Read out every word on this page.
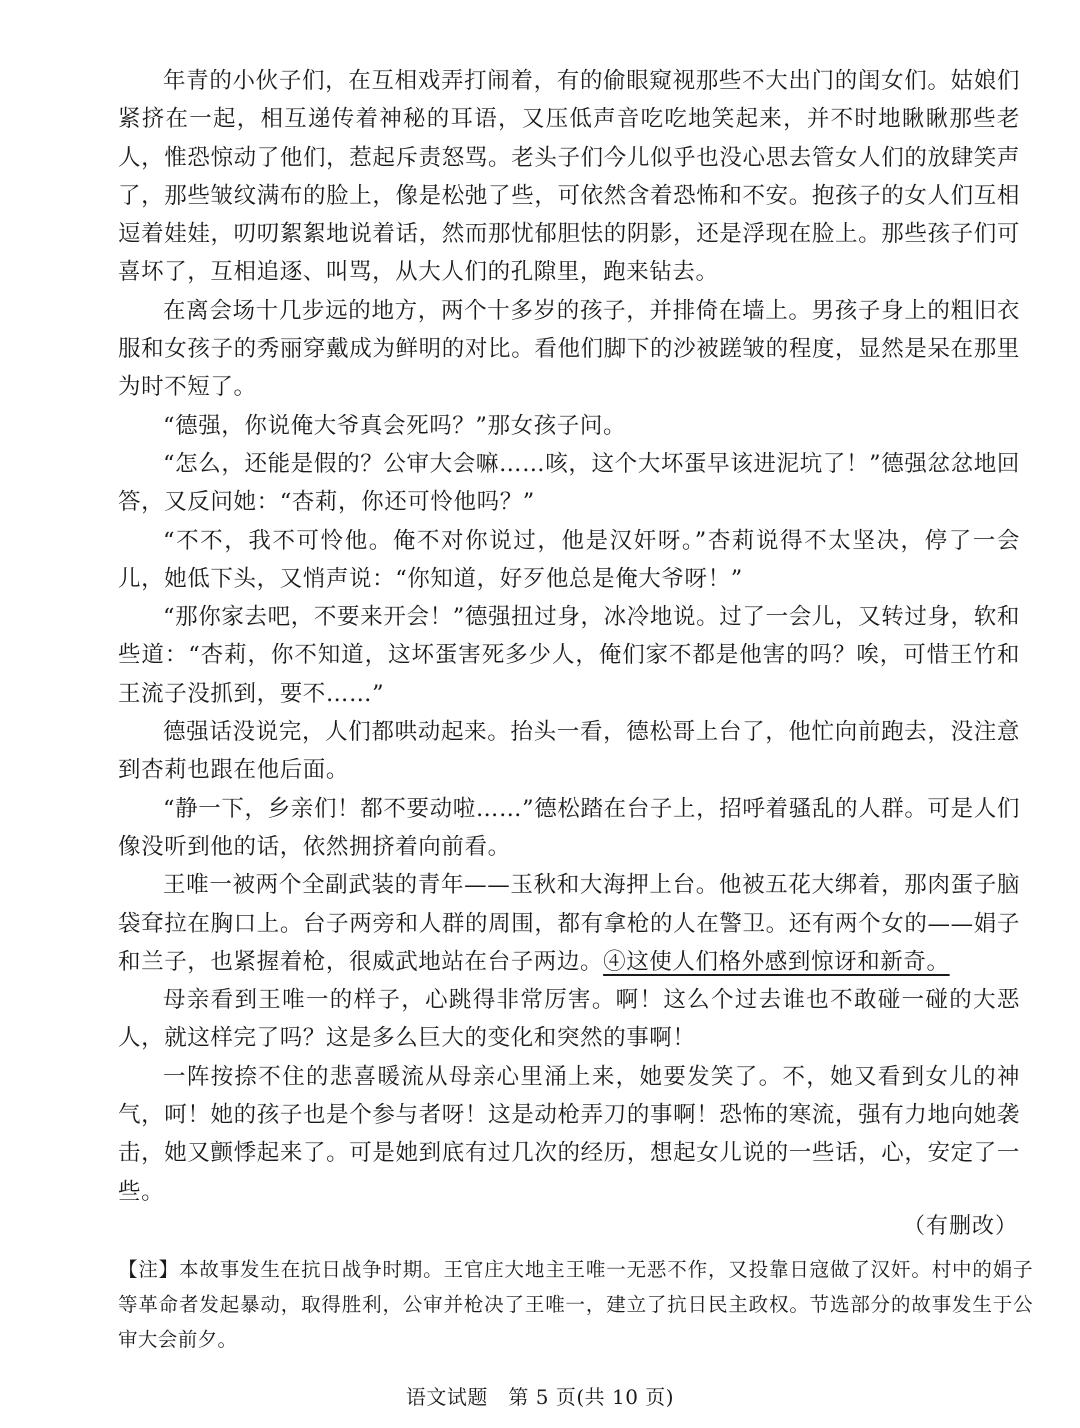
年青的小伙子们，在互相戏弄打闹着，有的偷眼窥视那些不大出门的闺女们。姑娘们紧挤在一起，相互递传着神秘的耳语，又压低声音吃吃地笑起来，并不时地瞅瞅那些老人，惟恐惊动了他们，惹起斥责怒骂。老头子们今儿似乎也没心思去管女人们的放肆笑声了，那些皱纹满布的脸上，像是松弛了些，可依然含着恐怖和不安。抱孩子的女人们互相逗着娃娃，叨叨絮絮地说着话，然而那忧郁胆怯的阴影，还是浮现在脸上。那些孩子们可喜坏了，互相追逐、叫骂，从大人们的孔隙里，跑来钻去。

在离会场十几步远的地方，两个十多岁的孩子，并排倚在墙上。男孩子身上的粗旧衣服和女孩子的秀丽穿戴成为鲜明的对比。看他们脚下的沙被蹉皱的程度，显然是呆在那里为时不短了。

“德强，你说俺大爷真会死吗？”那女孩子问。

“怎么，还能是假的？公审大会嘛……咳，这个大坏蛋早该进泥坑了！”德强忿忿地回答，又反问她：“杏莉，你还可怜他吗？”

“不不，我不可怜他。俺不对你说过，他是汉奸呀。”杏莉说得不太坚决，停了一会儿，她低下头，又悄声说：“你知道，好歹他总是俺大爷呀！”

“那你家去吧，不要来开会！”德强扭过身，冰冷地说。过了一会儿，又转过身，软和些道：“杏莉，你不知道，这坏蛋害死多少人，俺们家不都是他害的吗？唉，可惜王竹和王流子没抓到，要不……”

德强话没说完，人们都哄动起来。抬头一看，德松哥上台了，他忙向前跑去，没注意到杏莉也跟在他后面。

“静一下，乡亲们！都不要动啦……”德松踏在台子上，招呼着骚乱的人群。可是人们像没听到他的话，依然拥挤着向前看。

王唯一被两个全副武装的青年——玉秋和大海押上台。他被五花大绑着，那肉蛋子脑袋耷拉在胸口上。台子两旁和人群的周围，都有拿枪的人在警卫。还有两个女的——娟子和兰子，也紧握着枪，很威武地站在台子两边。④这使人们格外感到惊讶和新奇。

母亲看到王唯一的样子，心跳得非常厉害。啊！这么个过去谁也不敢碰一碰的大恶人，就这样完了吗？这是多么巨大的变化和突然的事啊！

一阵按捺不住的悲喜暖流从母亲心里涌上来，她要发笑了。不，她又看到女儿的神气，呵！她的孩子也是个参与者呀！这是动枪弄刀的事啊！恐怖的寒流，强有力地向她袭击，她又颤悸起来了。可是她到底有过几次的经历，想起女儿说的一些话，心，安定了一些。

（有删改）

【注】本故事发生在抗日战争时期。王官庄大地主王唯一无恶不作，又投靠日寇做了汉奸。村中的娟子等革命者发起暴动，取得胜利，公审并枪决了王唯一，建立了抗日民主政权。节选部分的故事发生于公审大会前夕。

语文试题　第 5 页(共 10 页)
